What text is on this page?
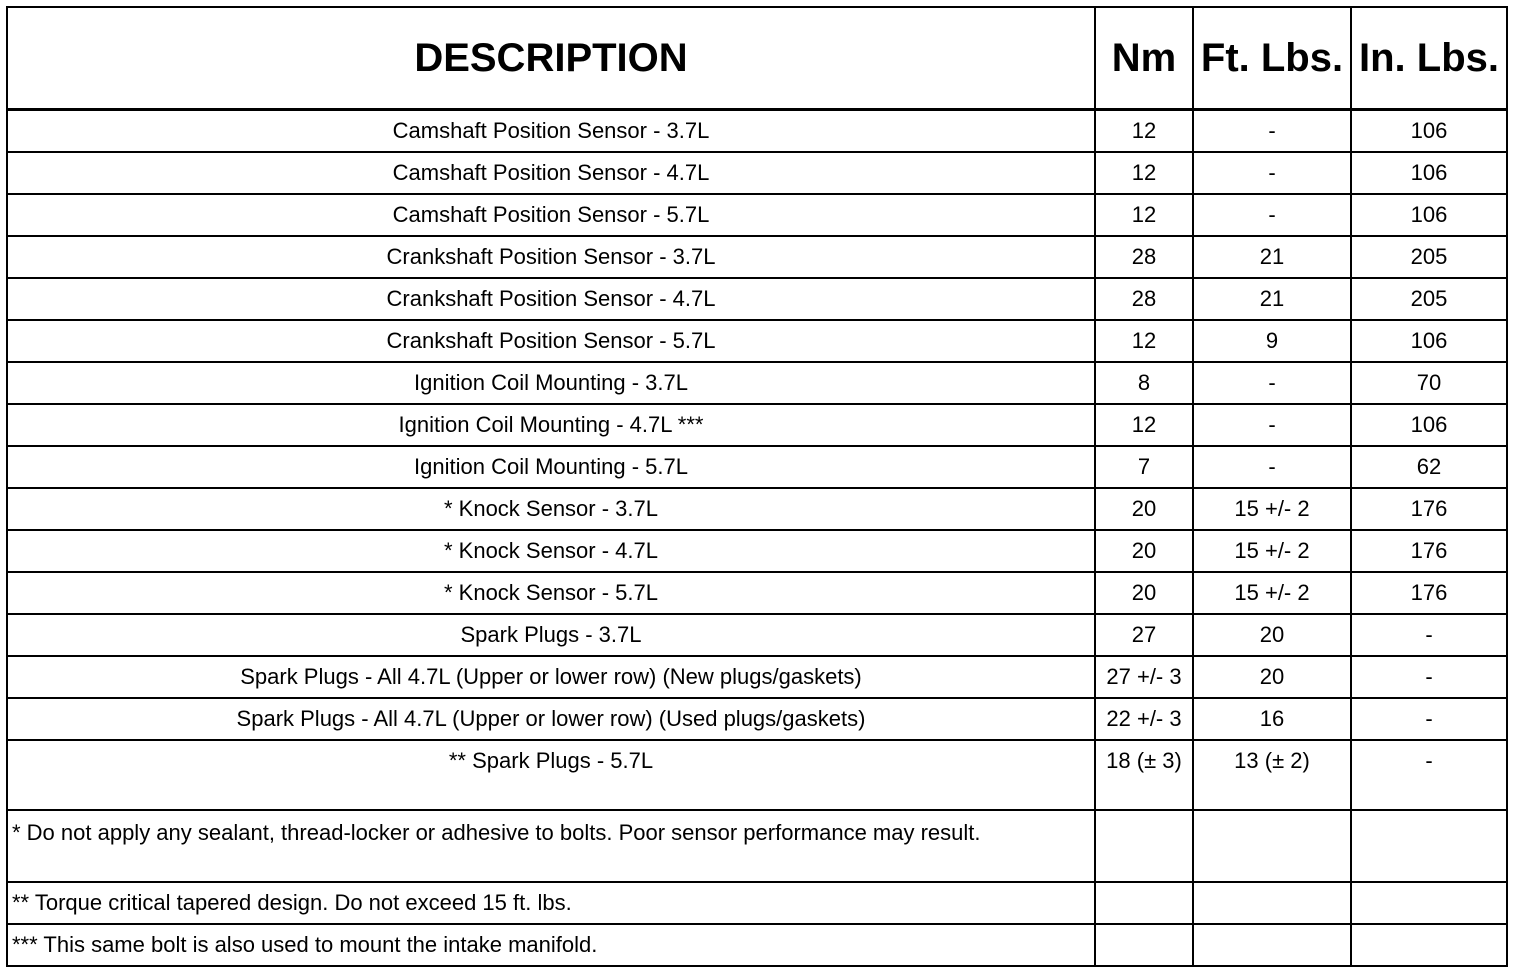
DESCRIPTION	Nm	Ft. Lbs.	In. Lbs.
Camshaft Position Sensor - 3.7L	12	-	106
Camshaft Position Sensor - 4.7L	12	-	106
Camshaft Position Sensor - 5.7L	12	-	106
Crankshaft Position Sensor - 3.7L	28	21	205
Crankshaft Position Sensor - 4.7L	28	21	205
Crankshaft Position Sensor - 5.7L	12	9	106
Ignition Coil Mounting - 3.7L	8	-	70
Ignition Coil Mounting - 4.7L ***	12	-	106
Ignition Coil Mounting - 5.7L	7	-	62
* Knock Sensor - 3.7L	20	15 +/- 2	176
* Knock Sensor - 4.7L	20	15 +/- 2	176
* Knock Sensor - 5.7L	20	15 +/- 2	176
Spark Plugs - 3.7L	27	20	-
Spark Plugs - All 4.7L (Upper or lower row) (New plugs/gaskets)	27 +/- 3	20	-
Spark Plugs - All 4.7L (Upper or lower row) (Used plugs/gaskets)	22 +/- 3	16	-
** Spark Plugs - 5.7L	18 (± 3)	13 (± 2)	-
* Do not apply any sealant, thread-locker or adhesive to bolts. Poor sensor performance may result.			
** Torque critical tapered design. Do not exceed 15 ft. lbs.			
*** This same bolt is also used to mount the intake manifold.			
